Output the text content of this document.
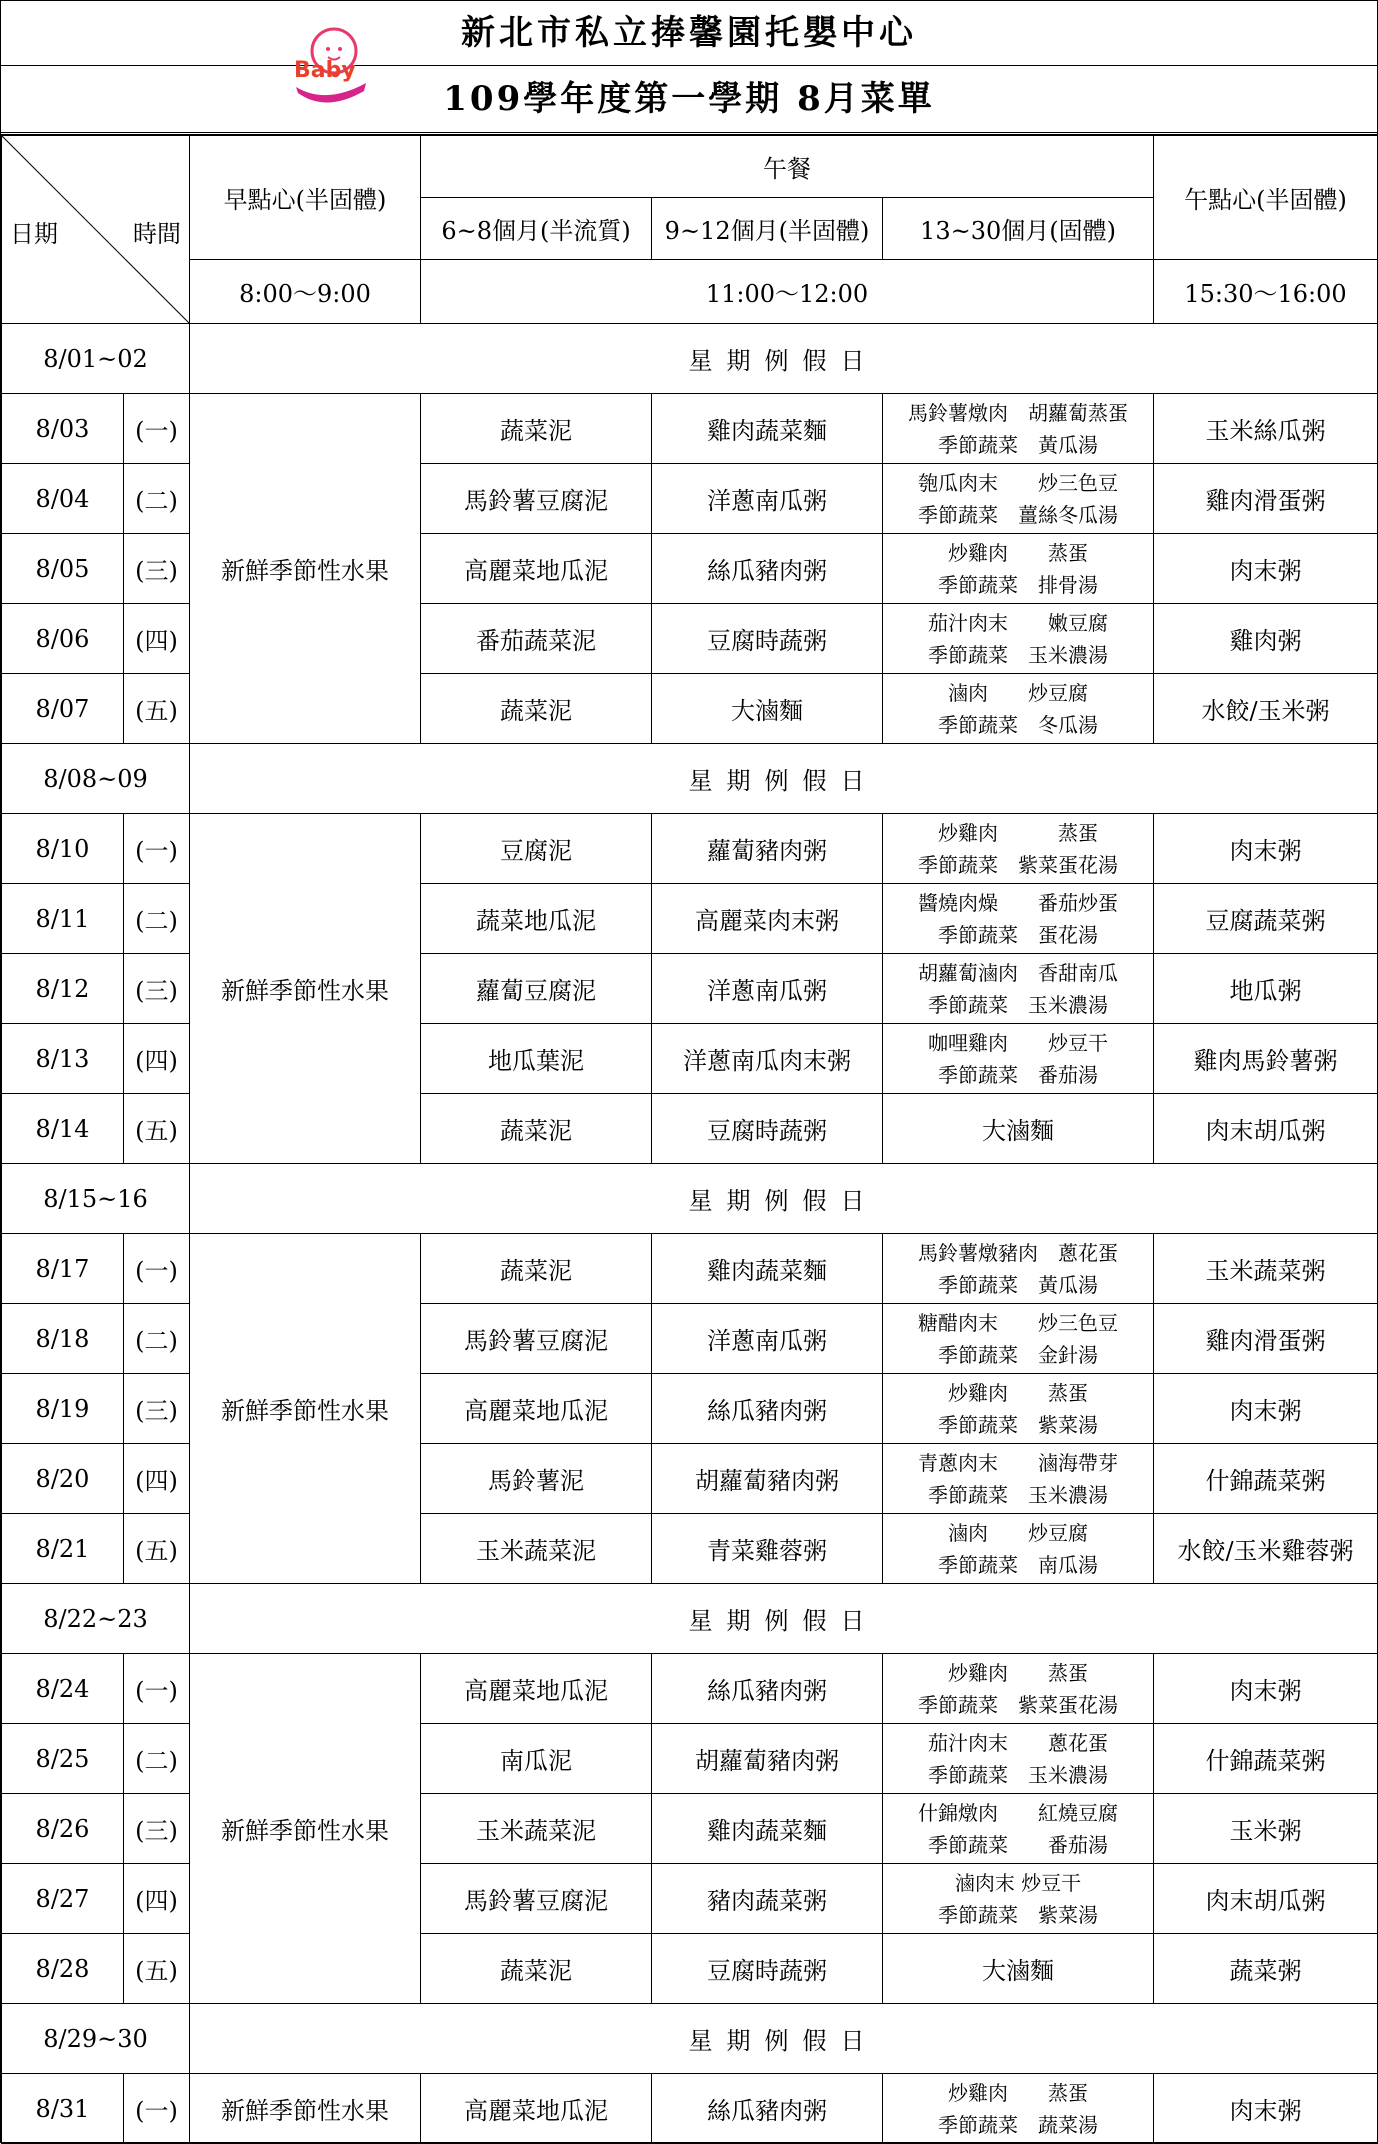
Baby
新北市私立捧馨園托嬰中心
109學年度第一學期 8月菜單
日期 時間		早點心(半固體)	午餐			午點心(半固體)
			6~8個月(半流質)	9~12個月(半固體)	13~30個月(固體)	
		8:00～9:00	11:00～12:00			15:30～16:00
8/01~02		星期例假日				
8/03	(一)	新鮮季節性水果	蔬菜泥	雞肉蔬菜麵	馬鈴薯燉肉　胡蘿蔔蒸蛋
季節蔬菜　黃瓜湯	玉米絲瓜粥
8/04	(二)		馬鈴薯豆腐泥	洋蔥南瓜粥	匏瓜肉末　　炒三色豆
季節蔬菜　薑絲冬瓜湯	雞肉滑蛋粥
8/05	(三)		高麗菜地瓜泥	絲瓜豬肉粥	炒雞肉　　蒸蛋
季節蔬菜　排骨湯	肉末粥
8/06	(四)		番茄蔬菜泥	豆腐時蔬粥	茄汁肉末　　嫩豆腐
季節蔬菜　玉米濃湯	雞肉粥
8/07	(五)		蔬菜泥	大滷麵	滷肉　　炒豆腐
季節蔬菜　冬瓜湯	水餃/玉米粥
8/08~09		星期例假日				
8/10	(一)	新鮮季節性水果	豆腐泥	蘿蔔豬肉粥	炒雞肉　　　蒸蛋
季節蔬菜　紫菜蛋花湯	肉末粥
8/11	(二)		蔬菜地瓜泥	高麗菜肉末粥	醬燒肉燥　　番茄炒蛋
季節蔬菜　蛋花湯	豆腐蔬菜粥
8/12	(三)		蘿蔔豆腐泥	洋蔥南瓜粥	胡蘿蔔滷肉　香甜南瓜
季節蔬菜　玉米濃湯	地瓜粥
8/13	(四)		地瓜葉泥	洋蔥南瓜肉末粥	咖哩雞肉　　炒豆干
季節蔬菜　番茄湯	雞肉馬鈴薯粥
8/14	(五)		蔬菜泥	豆腐時蔬粥	大滷麵	肉末胡瓜粥
8/15~16		星期例假日				
8/17	(一)	新鮮季節性水果	蔬菜泥	雞肉蔬菜麵	馬鈴薯燉豬肉　蔥花蛋
季節蔬菜　黃瓜湯	玉米蔬菜粥
8/18	(二)		馬鈴薯豆腐泥	洋蔥南瓜粥	糖醋肉末　　炒三色豆
季節蔬菜　金針湯	雞肉滑蛋粥
8/19	(三)		高麗菜地瓜泥	絲瓜豬肉粥	炒雞肉　　蒸蛋
季節蔬菜　紫菜湯	肉末粥
8/20	(四)		馬鈴薯泥	胡蘿蔔豬肉粥	青蔥肉末　　滷海帶芽
季節蔬菜　玉米濃湯	什錦蔬菜粥
8/21	(五)		玉米蔬菜泥	青菜雞蓉粥	滷肉　　炒豆腐
季節蔬菜　南瓜湯	水餃/玉米雞蓉粥
8/22~23		星期例假日				
8/24	(一)	新鮮季節性水果	高麗菜地瓜泥	絲瓜豬肉粥	炒雞肉　　蒸蛋
季節蔬菜　紫菜蛋花湯	肉末粥
8/25	(二)		南瓜泥	胡蘿蔔豬肉粥	茄汁肉末　　蔥花蛋
季節蔬菜　玉米濃湯	什錦蔬菜粥
8/26	(三)		玉米蔬菜泥	雞肉蔬菜麵	什錦燉肉　　紅燒豆腐
季節蔬菜　　番茄湯	玉米粥
8/27	(四)		馬鈴薯豆腐泥	豬肉蔬菜粥	滷肉末 炒豆干
季節蔬菜　紫菜湯	肉末胡瓜粥
8/28	(五)		蔬菜泥	豆腐時蔬粥	大滷麵	蔬菜粥
8/29~30		星期例假日				
8/31	(一)	新鮮季節性水果	高麗菜地瓜泥	絲瓜豬肉粥	炒雞肉　　蒸蛋
季節蔬菜　蔬菜湯	肉末粥
